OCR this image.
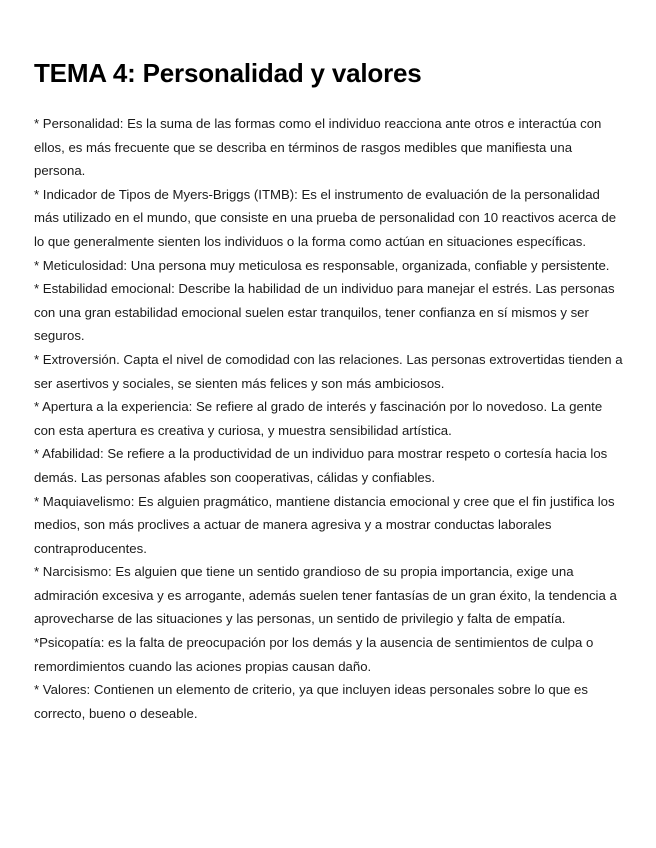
TEMA 4: Personalidad y valores

* Personalidad: Es la suma de las formas como el individuo reacciona ante otros e interactúa con ellos, es más frecuente que se describa en términos de rasgos medibles que manifiesta una persona.

* Indicador de Tipos de Myers-Briggs (ITMB): Es el instrumento de evaluación de la personalidad más utilizado en el mundo, que consiste en una prueba de personalidad con 10 reactivos acerca de lo que generalmente sienten los individuos o la forma como actúan en situaciones específicas.

* Meticulosidad: Una persona muy meticulosa es responsable, organizada, confiable y persistente.

* Estabilidad emocional: Describe la habilidad de un individuo para manejar el estrés. Las personas con una gran estabilidad emocional suelen estar tranquilos, tener confianza en sí mismos y ser seguros.

* Extroversión. Capta el nivel de comodidad con las relaciones. Las personas extrovertidas tienden a ser asertivos y sociales, se sienten más felices y son más ambiciosos.

* Apertura a la experiencia: Se refiere al grado de interés y fascinación por lo novedoso. La gente con esta apertura es creativa y curiosa, y muestra sensibilidad artística.

* Afabilidad: Se refiere a la productividad de un individuo para mostrar respeto o cortesía hacia los demás. Las personas afables son cooperativas, cálidas y confiables.

* Maquiavelismo: Es alguien pragmático, mantiene distancia emocional y cree que el fin justifica los medios, son más proclives a actuar de manera agresiva y a mostrar conductas laborales contraproducentes.

* Narcisismo: Es alguien que tiene un sentido grandioso de su propia importancia, exige una admiración excesiva y es arrogante, además suelen tener fantasías de un gran éxito, la tendencia a aprovecharse de las situaciones y las personas, un sentido de privilegio y falta de empatía.

*Psicopatía: es la falta de preocupación por los demás y la ausencia de sentimientos de culpa o remordimientos cuando las aciones propias causan daño.

* Valores: Contienen un elemento de criterio, ya que incluyen ideas personales sobre lo que es correcto, bueno o deseable.
